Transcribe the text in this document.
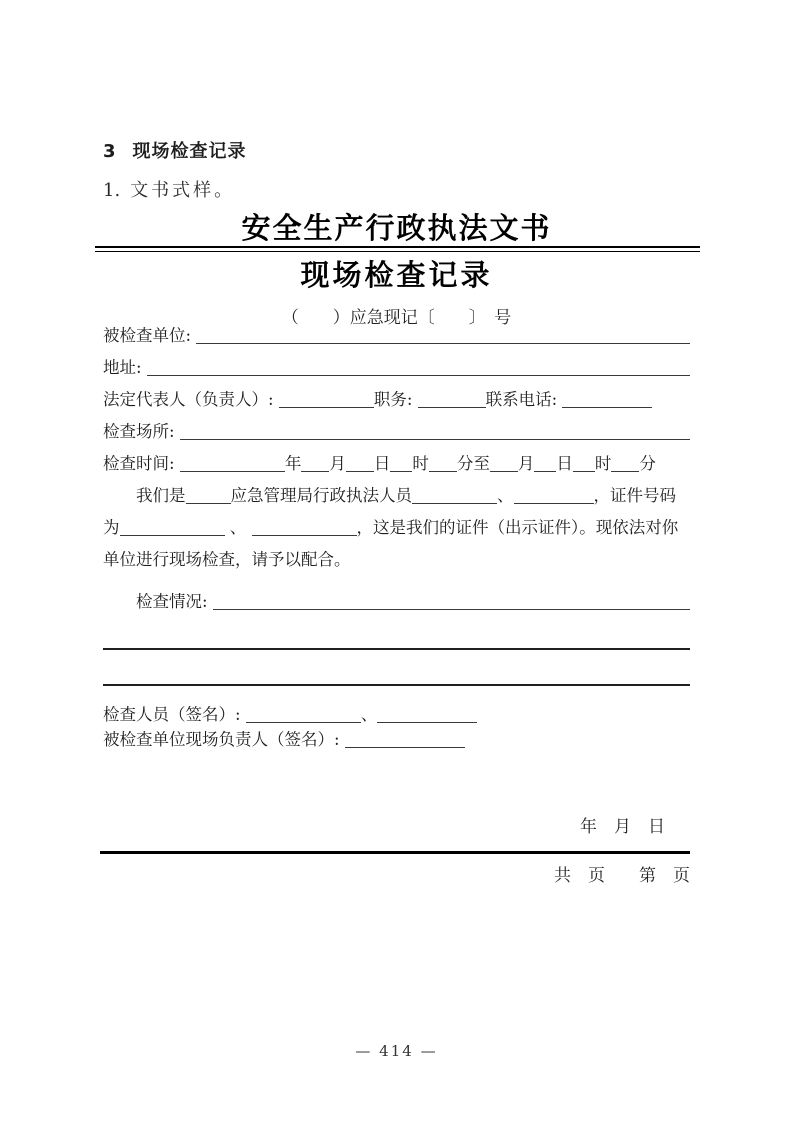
3 现场检查记录
1. 文书式样。
安全生产行政执法文书
现场检查记录
（　　）应急现记〔　　〕　号
被检查单位:
地址:
法定代表人（负责人）:	职务:	联系电话:
检查场所:
检查时间:	年 月 日 时 分至 月 日 时 分
我们是	应急管理局行政执法人员	、	，证件号码
为	、	，这是我们的证件（出示证件）。现依法对你
单位进行现场检查，请予以配合。
检查情况:
检查人员（签名）:	、
被检查单位现场负责人（签名）:
年　月　日
共　页　　第　页
— 414 —
